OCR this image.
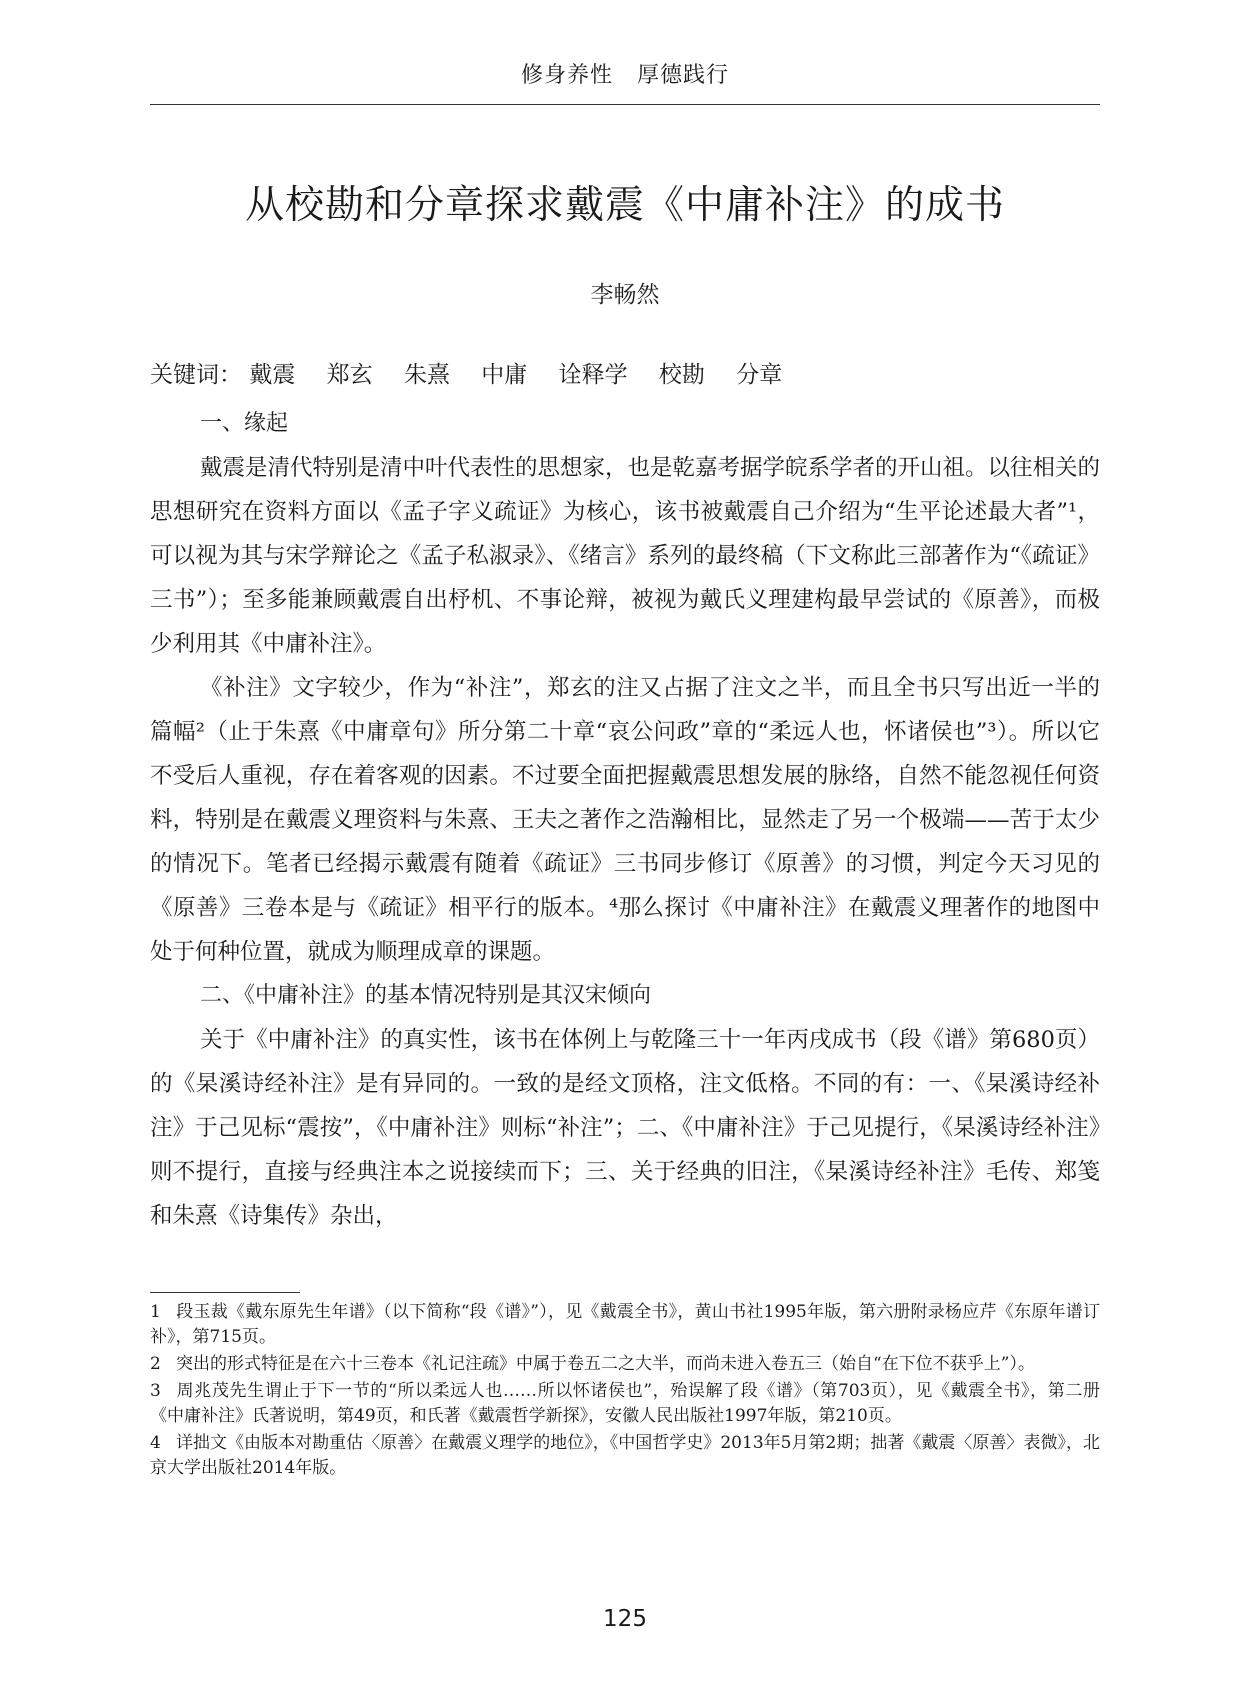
修身养性 厚德践行
从校勘和分章探求戴震《中庸补注》的成书
李畅然
关键词： 戴震 郑玄 朱熹 中庸 诠释学 校勘 分章
一、缘起
戴震是清代特别是清中叶代表性的思想家，也是乾嘉考据学皖系学者的开山祖。以往相关的思想研究在资料方面以《孟子字义疏证》为核心，该书被戴震自己介绍为“生平论述最大者”¹，可以视为其与宋学辩论之《孟子私淑录》、《绪言》系列的最终稿（下文称此三部著作为“《疏证》三书”）；至多能兼顾戴震自出杼机、不事论辩，被视为戴氏义理建构最早尝试的《原善》，而极少利用其《中庸补注》。
《补注》文字较少，作为“补注”，郑玄的注又占据了注文之半，而且全书只写出近一半的篇幅²（止于朱熹《中庸章句》所分第二十章“哀公问政”章的“柔远人也，怀诸侯也”³）。所以它不受后人重视，存在着客观的因素。不过要全面把握戴震思想发展的脉络，自然不能忽视任何资料，特别是在戴震义理资料与朱熹、王夫之著作之浩瀚相比，显然走了另一个极端——苦于太少的情况下。笔者已经揭示戴震有随着《疏证》三书同步修订《原善》的习惯，判定今天习见的《原善》三卷本是与《疏证》相平行的版本。⁴那么探讨《中庸补注》在戴震义理著作的地图中处于何种位置，就成为顺理成章的课题。
二、《中庸补注》的基本情况特别是其汉宋倾向
关于《中庸补注》的真实性，该书在体例上与乾隆三十一年丙戌成书（段《谱》第680页）的《杲溪诗经补注》是有异同的。一致的是经文顶格，注文低格。不同的有：一、《杲溪诗经补注》于己见标“震按”，《中庸补注》则标“补注”；二、《中庸补注》于己见提行，《杲溪诗经补注》则不提行，直接与经典注本之说接续而下；三、关于经典的旧注，《杲溪诗经补注》毛传、郑笺和朱熹《诗集传》杂出，
1 段玉裁《戴东原先生年谱》（以下简称“段《谱》”），见《戴震全书》，黄山书社1995年版，第六册附录杨应芹《东原年谱订补》，第715页。
2 突出的形式特征是在六十三卷本《礼记注疏》中属于卷五二之大半，而尚未进入卷五三（始自“在下位不获乎上”）。
3 周兆茂先生谓止于下一节的“所以柔远人也……所以怀诸侯也”，殆误解了段《谱》（第703页），见《戴震全书》，第二册《中庸补注》氏著说明，第49页，和氏著《戴震哲学新探》，安徽人民出版社1997年版，第210页。
4 详拙文《由版本对勘重估〈原善〉在戴震义理学的地位》，《中国哲学史》2013年5月第2期；拙著《戴震〈原善〉表微》，北京大学出版社2014年版。
125
